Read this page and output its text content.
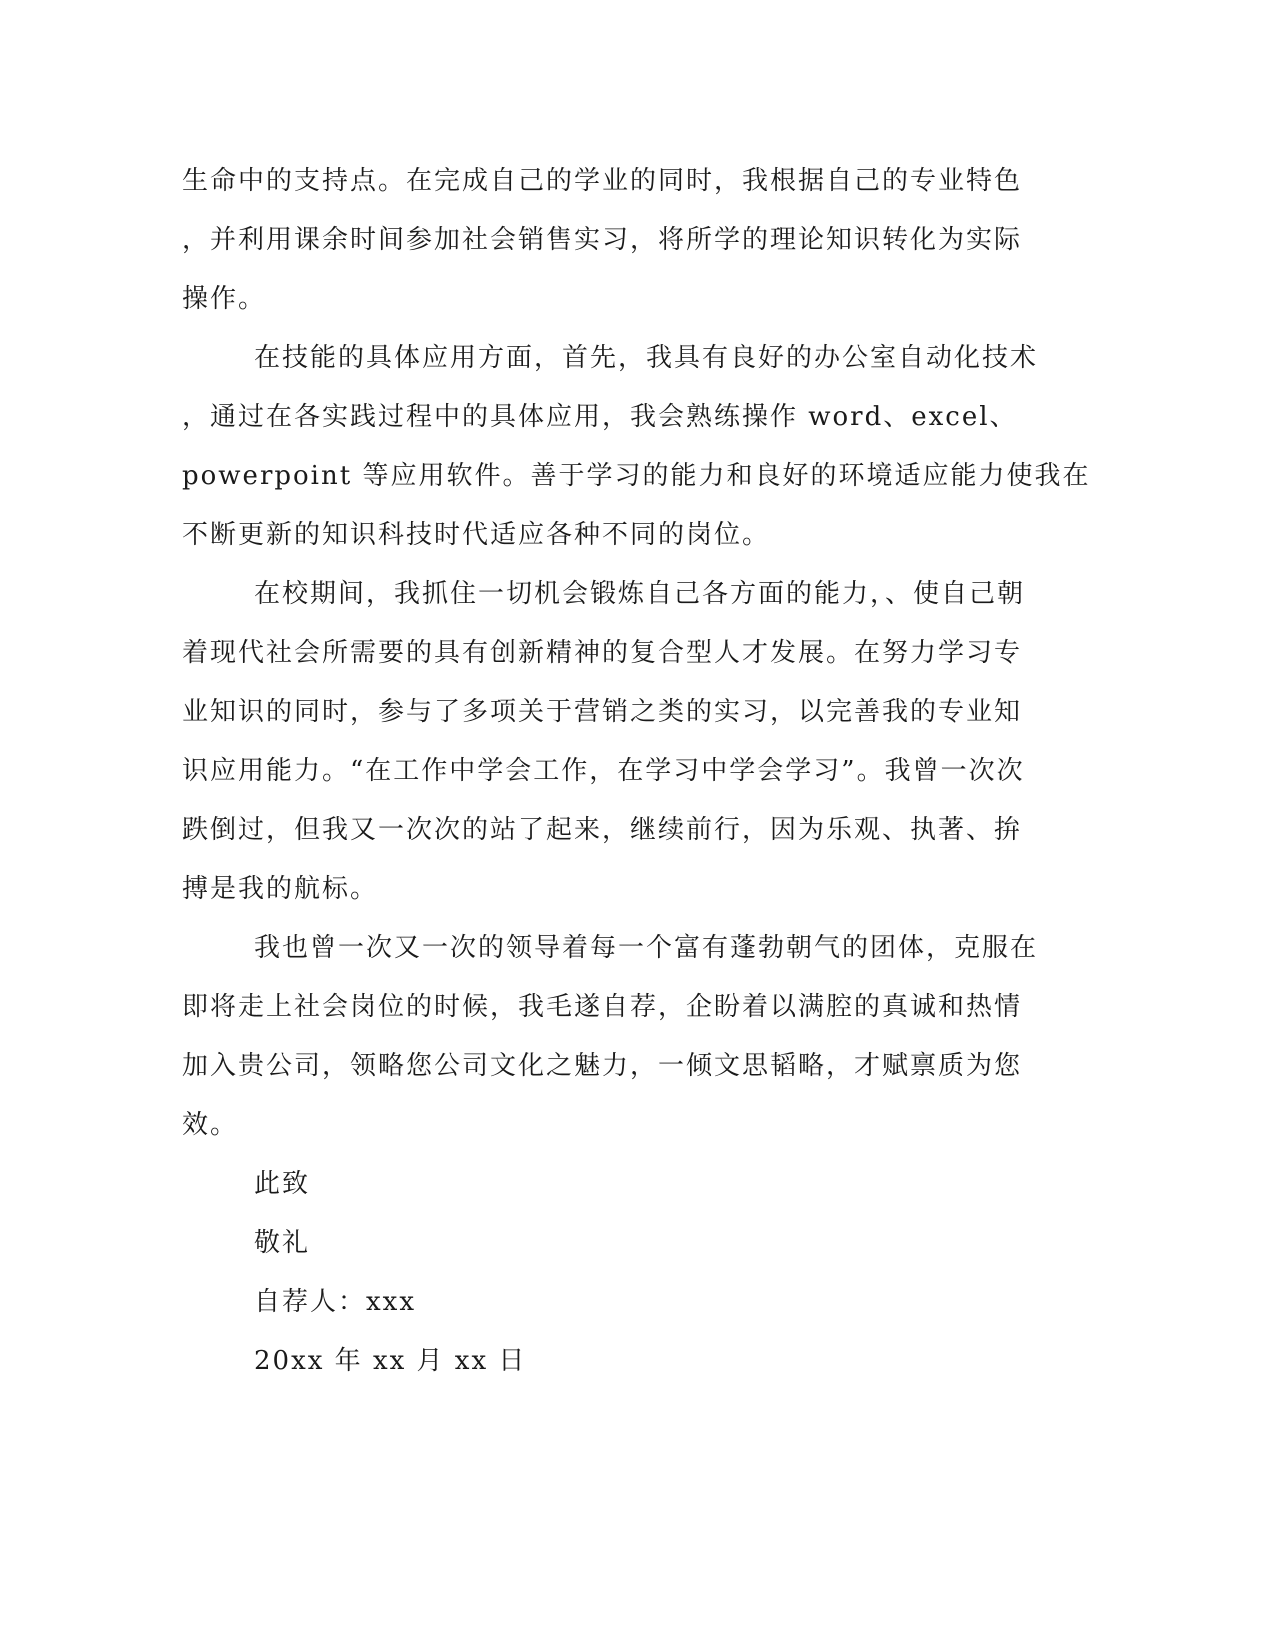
生命中的支持点。在完成自己的学业的同时，我根据自己的专业特色
，并利用课余时间参加社会销售实习，将所学的理论知识转化为实际
操作。
在技能的具体应用方面，首先，我具有良好的办公室自动化技术
，通过在各实践过程中的具体应用，我会熟练操作 word、excel、
powerpoint 等应用软件。善于学习的能力和良好的环境适应能力使我在
不断更新的知识科技时代适应各种不同的岗位。
在校期间，我抓住一切机会锻炼自己各方面的能力，、使自己朝
着现代社会所需要的具有创新精神的复合型人才发展。在努力学习专
业知识的同时，参与了多项关于营销之类的实习，以完善我的专业知
识应用能力。“在工作中学会工作，在学习中学会学习”。我曾一次次
跌倒过，但我又一次次的站了起来，继续前行，因为乐观、执著、拚
搏是我的航标。
我也曾一次又一次的领导着每一个富有蓬勃朝气的团体，克服在
即将走上社会岗位的时候，我毛遂自荐，企盼着以满腔的真诚和热情
加入贵公司，领略您公司文化之魅力，一倾文思韬略，才赋禀质为您
效。
此致
敬礼
自荐人：xxx
20xx 年 xx 月 xx 日
